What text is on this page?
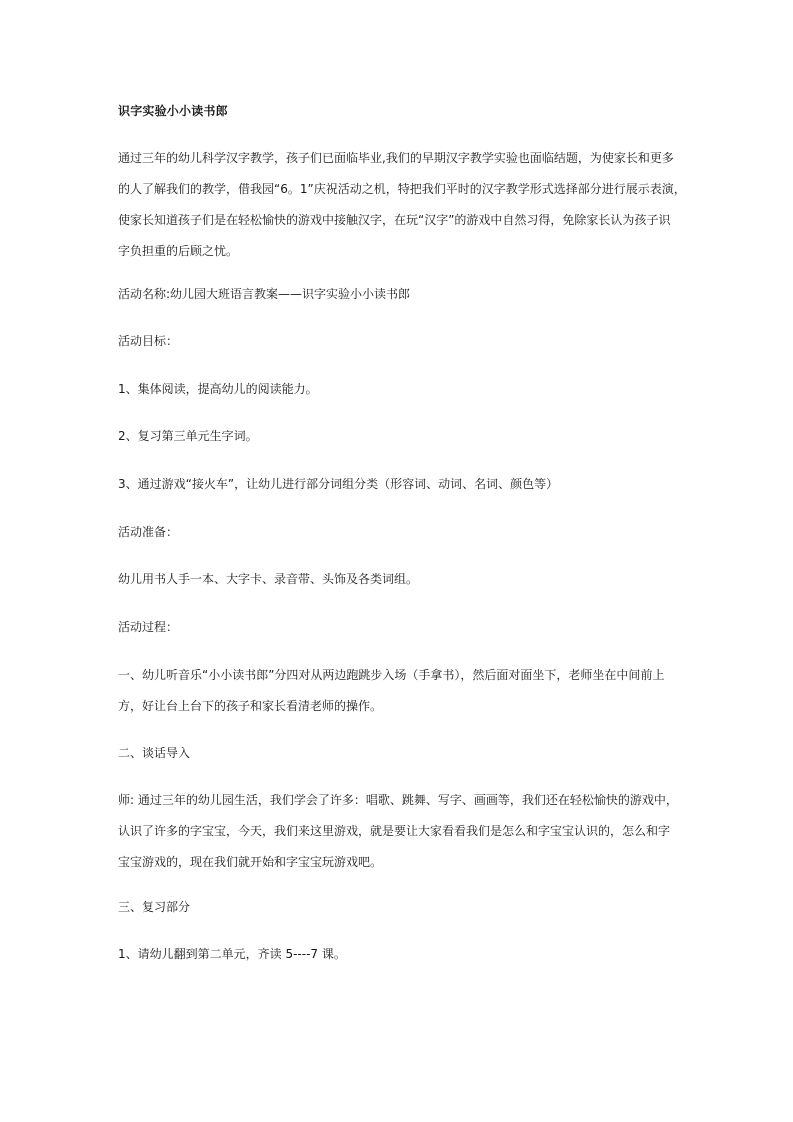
识字实验小小读书郎
通过三年的幼儿科学汉字教学，孩子们已面临毕业,我们的早期汉字教学实验也面临结题，为使家长和更多
的人了解我们的教学，借我园“6。1”庆祝活动之机，特把我们平时的汉字教学形式选择部分进行展示表演，
使家长知道孩子们是在轻松愉快的游戏中接触汉字，在玩“汉字”的游戏中自然习得，免除家长认为孩子识
字负担重的后顾之忧。
活动名称:幼儿园大班语言教案——识字实验小小读书郎
活动目标：
1、集体阅读，提高幼儿的阅读能力。
2、复习第三单元生字词。
3、通过游戏“接火车”，让幼儿进行部分词组分类（形容词、动词、名词、颜色等）
活动准备：
幼儿用书人手一本、大字卡、录音带、头饰及各类词组。
活动过程：
一、幼儿听音乐“小小读书郎”分四对从两边跑跳步入场（手拿书），然后面对面坐下，老师坐在中间前上
方，好让台上台下的孩子和家长看清老师的操作。
二、谈话导入
师: 通过三年的幼儿园生活，我们学会了许多：唱歌、跳舞、写字、画画等，我们还在轻松愉快的游戏中，
认识了许多的字宝宝，今天，我们来这里游戏，就是要让大家看看我们是怎么和字宝宝认识的，怎么和字
宝宝游戏的，现在我们就开始和字宝宝玩游戏吧。
三、复习部分
1、请幼儿翻到第二单元，齐读 5----7 课。
